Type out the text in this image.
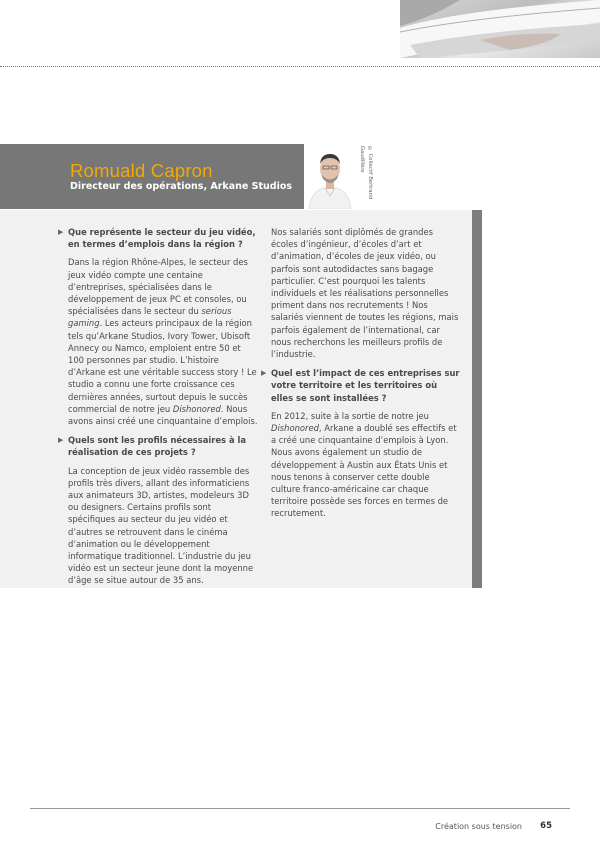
Romuald Capron
Directeur des opérations, Arkane Studios	© Collectif Bertrand Gaudillère
▶ Que représente le secteur du jeu vidéo, en termes d’emplois dans la région ?
Dans la région Rhône-Alpes, le secteur des jeux vidéo compte une centaine d’entreprises, spécialisées dans le développement de jeux PC et consoles, ou spécialisées dans le secteur du serious gaming. Les acteurs principaux de la région tels qu’Arkane Studios, Ivory Tower, Ubisoft Annecy ou Namco, emploient entre 50 et 100 personnes par studio. L’histoire d’Arkane est une véritable success story ! Le studio a connu une forte croissance ces dernières années, surtout depuis le succès commercial de notre jeu Dishonored. Nous avons ainsi créé une cinquantaine d’emplois.
▶ Quels sont les profils nécessaires à la réalisation de ces projets ?
La conception de jeux vidéo rassemble des profils très divers, allant des informaticiens aux animateurs 3D, artistes, modeleurs 3D ou designers. Certains profils sont spécifiques au secteur du jeu vidéo et d’autres se retrouvent dans le cinéma d’animation ou le développement informatique traditionnel. L’industrie du jeu vidéo est un secteur jeune dont la moyenne d’âge se situe autour de 35 ans.
Nos salariés sont diplômés de grandes écoles d’ingénieur, d’écoles d’art et d’animation, d’écoles de jeux vidéo, ou parfois sont autodidactes sans bagage particulier. C’est pourquoi les talents individuels et les réalisations personnelles priment dans nos recrutements ! Nos salariés viennent de toutes les régions, mais parfois également de l’international, car nous recherchons les meilleurs profils de l’industrie.
▶ Quel est l’impact de ces entreprises sur votre territoire et les territoires où elles se sont installées ?
En 2012, suite à la sortie de notre jeu Dishonored, Arkane a doublé ses effectifs et a créé une cinquantaine d’emplois à Lyon. Nous avons également un studio de développement à Austin aux États Unis et nous tenons à conserver cette double culture franco-américaine car chaque territoire possède ses forces en termes de recrutement.
Création sous tension 65
